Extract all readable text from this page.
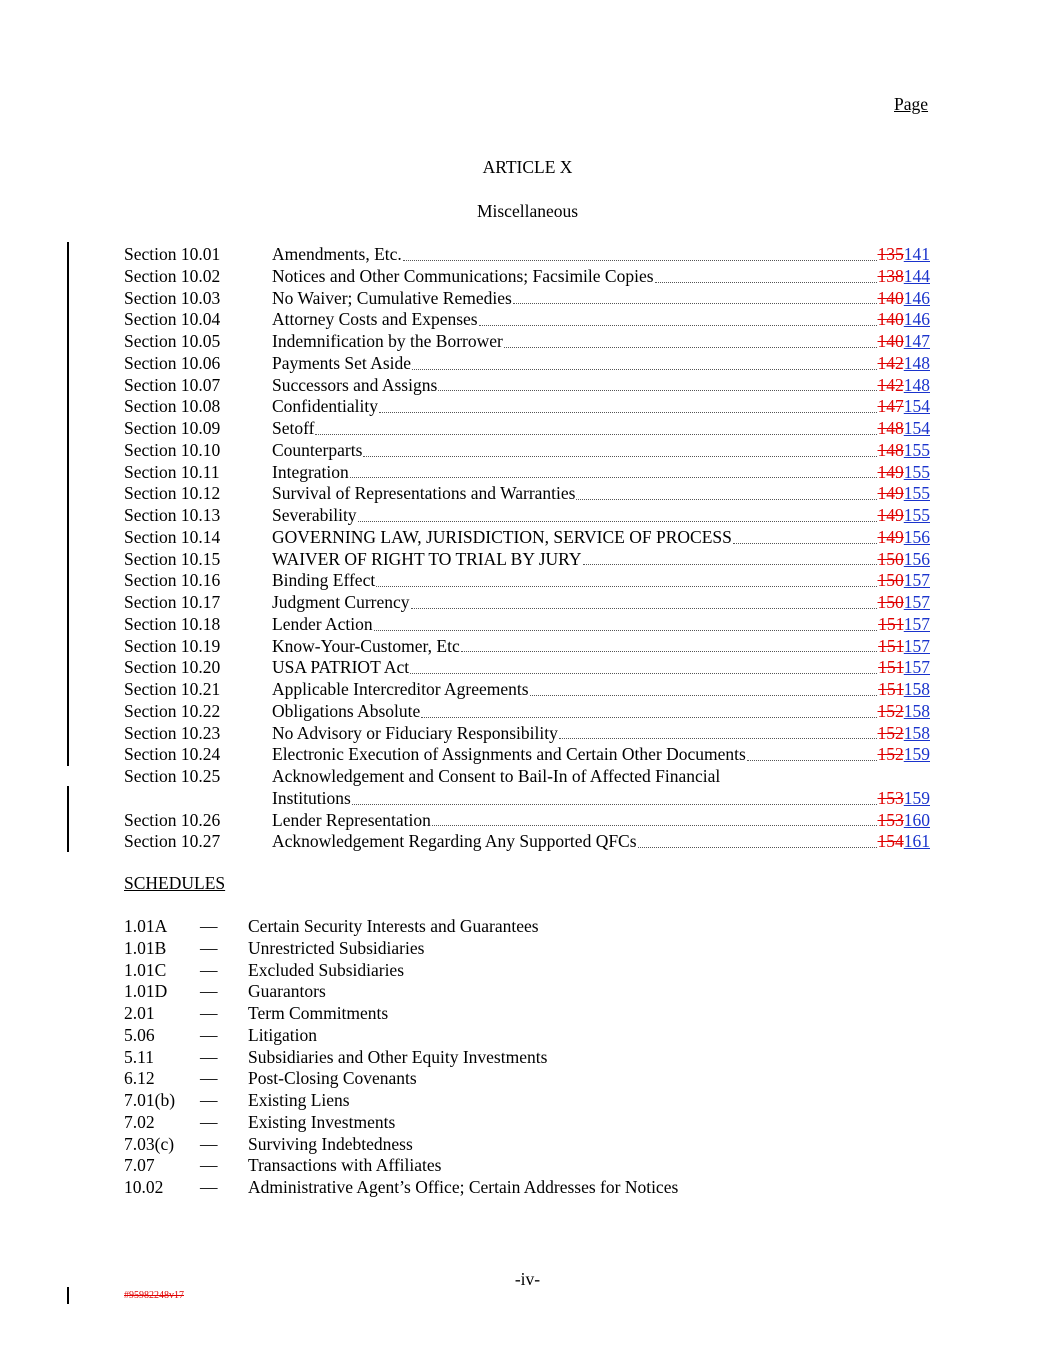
Page
ARTICLE X
Miscellaneous
Section 10.01	Amendments, Etc.	135141
Section 10.02	Notices and Other Communications; Facsimile Copies	138144
Section 10.03	No Waiver; Cumulative Remedies	140146
Section 10.04	Attorney Costs and Expenses	140146
Section 10.05	Indemnification by the Borrower	140147
Section 10.06	Payments Set Aside	142148
Section 10.07	Successors and Assigns	142148
Section 10.08	Confidentiality	147154
Section 10.09	Setoff	148154
Section 10.10	Counterparts	148155
Section 10.11	Integration	149155
Section 10.12	Survival of Representations and Warranties	149155
Section 10.13	Severability	149155
Section 10.14	GOVERNING LAW, JURISDICTION, SERVICE OF PROCESS	149156
Section 10.15	WAIVER OF RIGHT TO TRIAL BY JURY	150156
Section 10.16	Binding Effect	150157
Section 10.17	Judgment Currency	150157
Section 10.18	Lender Action	151157
Section 10.19	Know-Your-Customer, Etc	151157
Section 10.20	USA PATRIOT Act	151157
Section 10.21	Applicable Intercreditor Agreements	151158
Section 10.22	Obligations Absolute	152158
Section 10.23	No Advisory or Fiduciary Responsibility	152158
Section 10.24	Electronic Execution of Assignments and Certain Other Documents	152159
Section 10.25	Acknowledgement and Consent to Bail-In of Affected Financial
Institutions	153159
Section 10.26	Lender Representation	153160
Section 10.27	Acknowledgement Regarding Any Supported QFCs	154161
SCHEDULES
1.01A	—	Certain Security Interests and Guarantees
1.01B	—	Unrestricted Subsidiaries
1.01C	—	Excluded Subsidiaries
1.01D	—	Guarantors
2.01	—	Term Commitments
5.06	—	Litigation
5.11	—	Subsidiaries and Other Equity Investments
6.12	—	Post-Closing Covenants
7.01(b)	—	Existing Liens
7.02	—	Existing Investments
7.03(c)	—	Surviving Indebtedness
7.07	—	Transactions with Affiliates
10.02	—	Administrative Agent’s Office; Certain Addresses for Notices
-iv-
#95982248v17
